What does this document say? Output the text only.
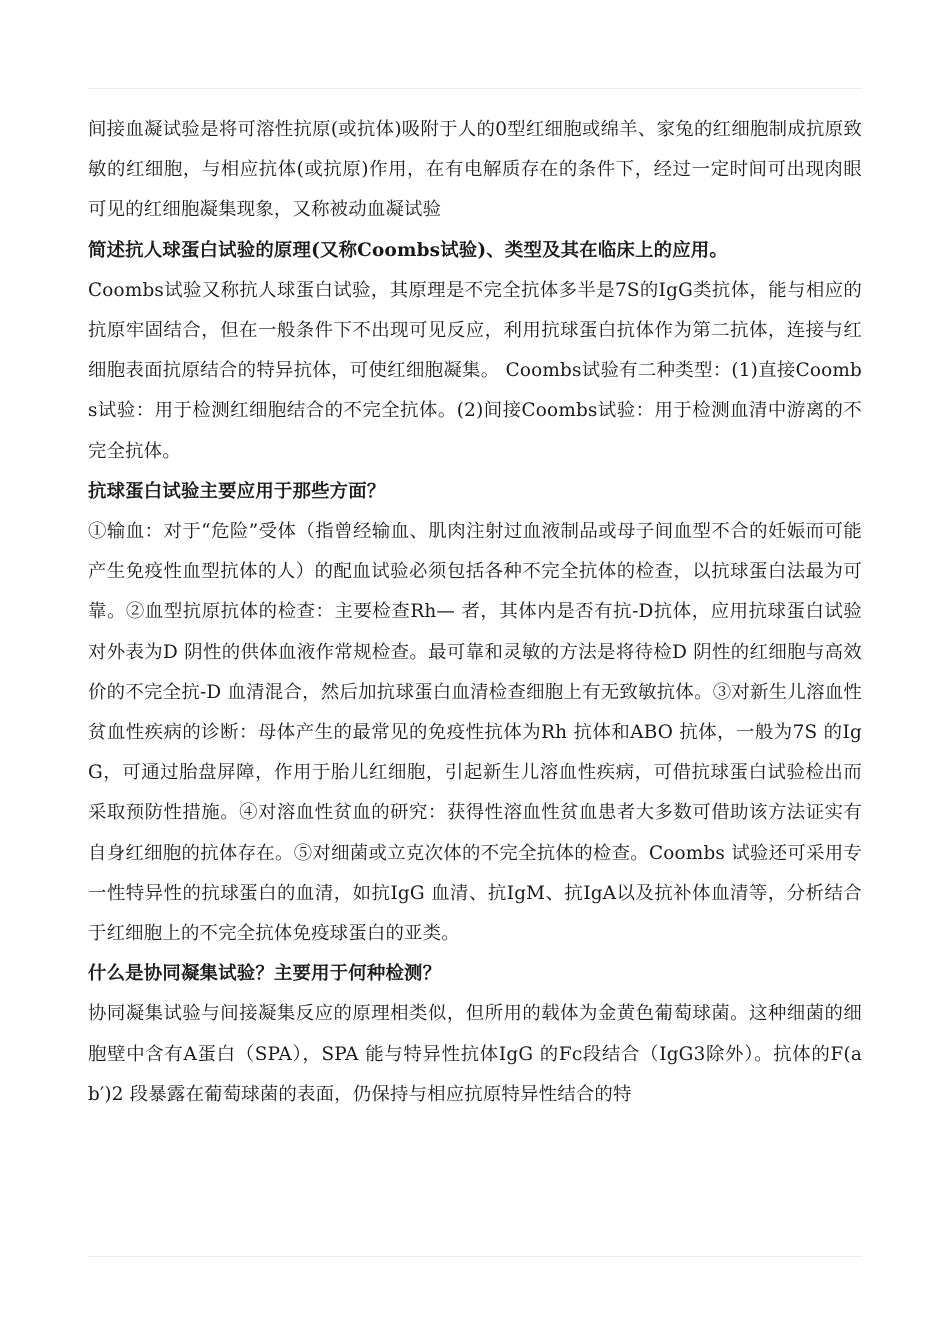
间接血凝试验是将可溶性抗原(或抗体)吸附于人的0型红细胞或绵羊、家兔的红细胞制成抗原致敏的红细胞，与相应抗体(或抗原)作用，在有电解质存在的条件下，经过一定时间可出现肉眼可见的红细胞凝集现象，又称被动血凝试验

简述抗人球蛋白试验的原理(又称Coombs试验)、类型及其在临床上的应用。

Coombs试验又称抗人球蛋白试验，其原理是不完全抗体多半是7S的IgG类抗体，能与相应的抗原牢固结合，但在一般条件下不出现可见反应，利用抗球蛋白抗体作为第二抗体，连接与红细胞表面抗原结合的特异抗体，可使红细胞凝集。 Coombs试验有二种类型：(1)直接Coombs试验：用于检测红细胞结合的不完全抗体。(2)间接Coombs试验：用于检测血清中游离的不完全抗体。

抗球蛋白试验主要应用于那些方面？

①输血：对于“危险”受体（指曾经输血、肌肉注射过血液制品或母子间血型不合的妊娠而可能产生免疫性血型抗体的人）的配血试验必须包括各种不完全抗体的检查，以抗球蛋白法最为可靠。②血型抗原抗体的检查：主要检查Rh— 者，其体内是否有抗-D抗体，应用抗球蛋白试验对外表为D 阴性的供体血液作常规检查。最可靠和灵敏的方法是将待检D 阴性的红细胞与高效价的不完全抗-D 血清混合，然后加抗球蛋白血清检查细胞上有无致敏抗体。③对新生儿溶血性贫血性疾病的诊断：母体产生的最常见的免疫性抗体为Rh 抗体和ABO 抗体，一般为7S 的IgG，可通过胎盘屏障，作用于胎儿红细胞，引起新生儿溶血性疾病，可借抗球蛋白试验检出而采取预防性措施。④对溶血性贫血的研究：获得性溶血性贫血患者大多数可借助该方法证实有自身红细胞的抗体存在。⑤对细菌或立克次体的不完全抗体的检查。Coombs 试验还可采用专一性特异性的抗球蛋白的血清，如抗IgG 血清、抗IgM、抗IgA以及抗补体血清等，分析结合于红细胞上的不完全抗体免疫球蛋白的亚类。

什么是协同凝集试验？主要用于何种检测？

协同凝集试验与间接凝集反应的原理相类似，但所用的载体为金黄色葡萄球菌。这种细菌的细胞壁中含有A蛋白（SPA），SPA 能与特异性抗体IgG 的Fc段结合（IgG3除外）。抗体的F(ab′)2 段暴露在葡萄球菌的表面，仍保持与相应抗原特异性结合的特
